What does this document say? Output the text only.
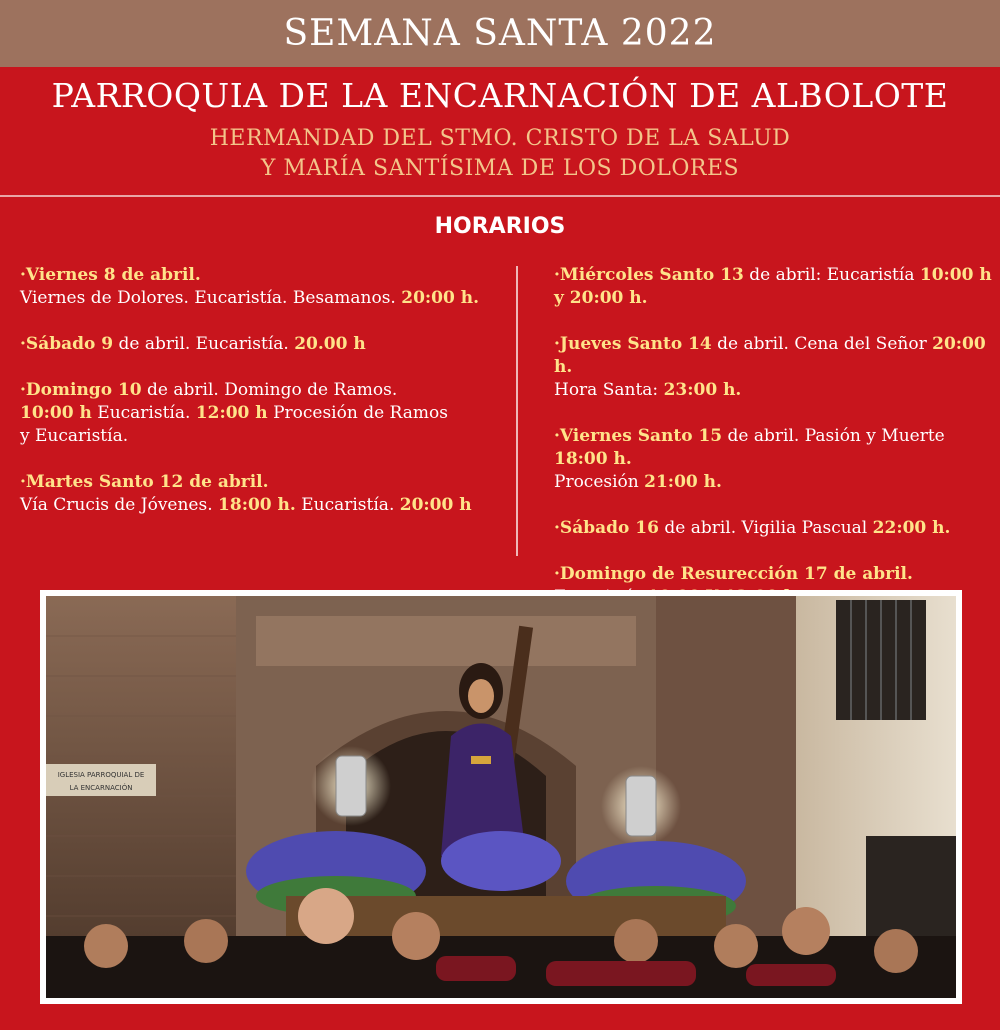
SEMANA SANTA 2022
PARROQUIA DE LA ENCARNACIÓN DE ALBOLOTE
HERMANDAD DEL STMO. CRISTO DE LA SALUD
Y MARÍA SANTÍSIMA DE LOS DOLORES
HORARIOS
·Viernes 8 de abril.
Viernes de Dolores. Eucaristía. Besamanos. 20:00 h.
·Sábado 9 de abril. Eucaristía. 20.00 h
·Domingo 10 de abril. Domingo de Ramos.
10:00 h Eucaristía. 12:00 h Procesión de Ramos
y Eucaristía.
·Martes Santo 12 de abril.
Vía Crucis de Jóvenes. 18:00 h. Eucaristía. 20:00 h
·Miércoles Santo 13 de abril: Eucaristía 10:00 h
y 20:00 h.
·Jueves Santo 14 de abril. Cena del Señor 20:00 h.
Hora Santa: 23:00 h.
·Viernes Santo 15 de abril. Pasión y Muerte 18:00 h.
Procesión 21:00 h.
·Sábado 16 de abril. Vigilia Pascual 22:00 h.
·Domingo de Resurección 17 de abril.
IGLESIA PARROQUIAL DE
LA ENCARNACIÓN
